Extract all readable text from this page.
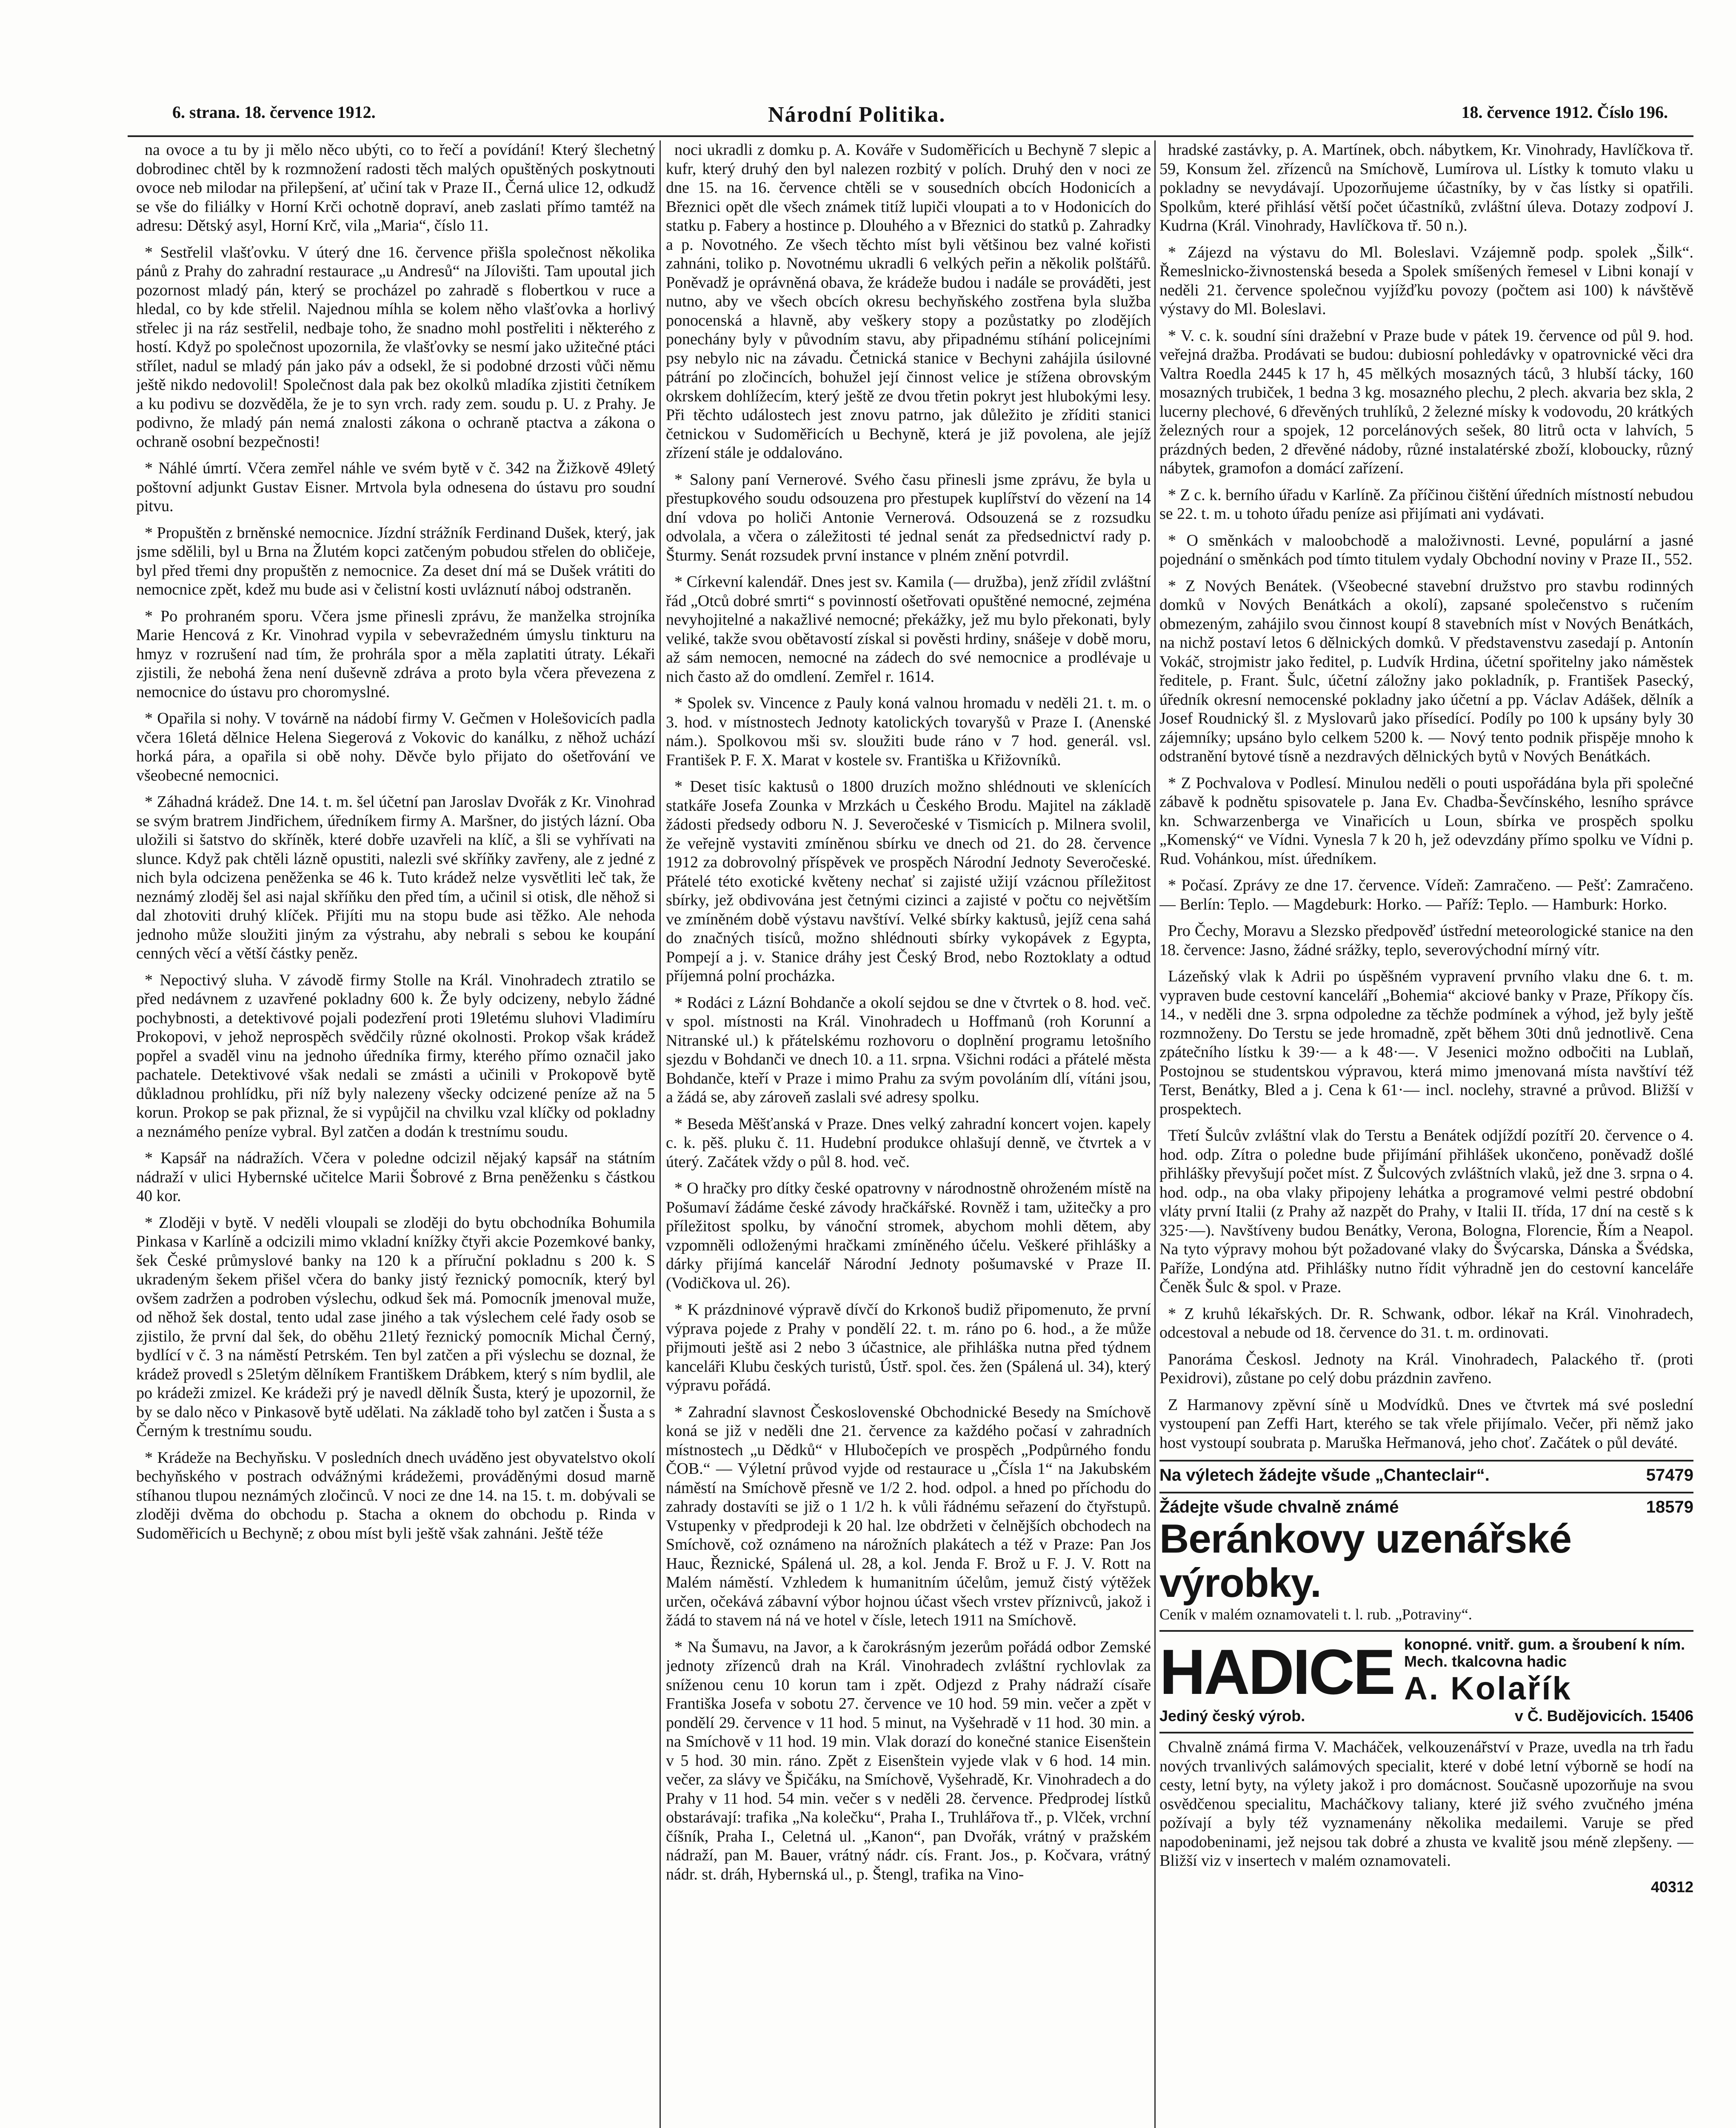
6. strana. 18. července 1912.	Národní Politika.	18. července 1912. Číslo 196.

na ovoce a tu by ji mělo něco ubýti, co to řečí a povídání! Který šlechetný dobrodinec chtěl by k rozmnožení radosti těch malých opuštěných poskytnouti ovoce neb milodar na přilepšení, ať učiní tak v Praze II., Černá ulice 12, odkudž se vše do filiálky v Horní Krči ochotně dopraví, aneb zaslati přímo tamtéž na adresu: Dětský asyl, Horní Krč, vila „Maria“, číslo 11.

* Sestřelil vlašťovku. V úterý dne 16. července přišla společnost několika pánů z Prahy do zahradní restaurace „u Andresů“ na Jílovišti. Tam upoutal jich pozornost mladý pán, který se procházel po zahradě s flobertkou v ruce a hledal, co by kde střelil. Najednou míhla se kolem něho vlašťovka a horlivý střelec ji na ráz sestřelil, nedbaje toho, že snadno mohl postřeliti i některého z hostí. Když po společnost upozornila, že vlašťovky se nesmí jako užitečné ptáci střílet, nadul se mladý pán jako páv a odsekl, že si podobné drzosti vůči němu ještě nikdo nedovolil! Společnost dala pak bez okolků mladíka zjistiti četníkem a ku podivu se dozvěděla, že je to syn vrch. rady zem. soudu p. U. z Prahy. Je podivno, že mladý pán nemá znalosti zákona o ochraně ptactva a zákona o ochraně osobní bezpečnosti!

* Náhlé úmrtí. Včera zemřel náhle ve svém bytě v č. 342 na Žižkově 49letý poštovní adjunkt Gustav Eisner. Mrtvola byla odnesena do ústavu pro soudní pitvu.

* Propuštěn z brněnské nemocnice. Jízdní strážník Ferdinand Dušek, který, jak jsme sdělili, byl u Brna na Žlutém kopci zatčeným pobudou střelen do obličeje, byl před třemi dny propuštěn z nemocnice. Za deset dní má se Dušek vrátiti do nemocnice zpět, kdež mu bude asi v čelistní kosti uvláznutí náboj odstraněn.

* Po prohraném sporu. Včera jsme přinesli zprávu, že manželka strojníka Marie Hencová z Kr. Vinohrad vypila v sebevražedném úmyslu tinkturu na hmyz v rozrušení nad tím, že prohrála spor a měla zaplatiti útraty. Lékaři zjistili, že nebohá žena není duševně zdráva a proto byla včera převezena z nemocnice do ústavu pro choromyslné.

* Opařila si nohy. V továrně na nádobí firmy V. Gečmen v Holešovicích padla včera 16letá dělnice Helena Siegerová z Vokovic do kanálku, z něhož uchází horká pára, a opařila si obě nohy. Děvče bylo přijato do ošetřování ve všeobecné nemocnici.

* Záhadná krádež. Dne 14. t. m. šel účetní pan Jaroslav Dvořák z Kr. Vinohrad se svým bratrem Jindřichem, úředníkem firmy A. Maršner, do jistých lázní. Oba uložili si šatstvo do skříněk, které dobře uzavřeli na klíč, a šli se vyhřívati na slunce. Když pak chtěli lázně opustiti, nalezli své skříňky zavřeny, ale z jedné z nich byla odcizena peněženka se 46 k. Tuto krádež nelze vysvětliti leč tak, že neznámý zloděj šel asi najal skříňku den před tím, a učinil si otisk, dle něhož si dal zhotoviti druhý klíček. Přijíti mu na stopu bude asi těžko. Ale nehoda jednoho může sloužiti jiným za výstrahu, aby nebrali s sebou ke koupání cenných věcí a větší částky peněz.

* Nepoctivý sluha. V závodě firmy Stolle na Král. Vinohradech ztratilo se před nedávnem z uzavřené pokladny 600 k. Že byly odcizeny, nebylo žádné pochybnosti, a detektivové pojali podezření proti 19letému sluhovi Vladimíru Prokopovi, v jehož neprospěch svědčily různé okolnosti. Prokop však krádež popřel a svaděl vinu na jednoho úředníka firmy, kterého přímo označil jako pachatele. Detektivové však nedali se zmásti a učinili v Prokopově bytě důkladnou prohlídku, při níž byly nalezeny všecky odcizené peníze až na 5 korun. Prokop se pak přiznal, že si vypůjčil na chvilku vzal klíčky od pokladny a neznámého peníze vybral. Byl zatčen a dodán k trestnímu soudu.

* Kapsář na nádražích. Včera v poledne odcizil nějaký kapsář na státním nádraží v ulici Hybernské učitelce Marii Šobrové z Brna peněženku s částkou 40 kor.

* Zloději v bytě. V neděli vloupali se zloději do bytu obchodníka Bohumila Pinkasa v Karlíně a odcizili mimo vkladní knížky čtyři akcie Pozemkové banky, šek České průmyslové banky na 120 k a příruční pokladnu s 200 k. S ukradeným šekem přišel včera do banky jistý řeznický pomocník, který byl ovšem zadržen a podroben výslechu, odkud šek má. Pomocník jmenoval muže, od něhož šek dostal, tento udal zase jiného a tak výslechem celé řady osob se zjistilo, že první dal šek, do oběhu 21letý řeznický pomocník Michal Černý, bydlící v č. 3 na náměstí Petrském. Ten byl zatčen a při výslechu se doznal, že krádež provedl s 25letým dělníkem Františkem Drábkem, který s ním bydlil, ale po krádeži zmizel. Ke krádeži prý je navedl dělník Šusta, který je upozornil, že by se dalo něco v Pinkasově bytě udělati. Na základě toho byl zatčen i Šusta a s Černým k trestnímu soudu.

* Krádeže na Bechyňsku. V posledních dnech uváděno jest obyvatelstvo okolí bechyňského v postrach odvážnými krádežemi, prováděnými dosud marně stíhanou tlupou neznámých zločinců. V noci ze dne 14. na 15. t. m. dobývali se zloději dvěma do obchodu p. Stacha a oknem do obchodu p. Rinda v Sudoměřicích u Bechyně; z obou míst byli ještě však zahnáni. Ještě téže

noci ukradli z domku p. A. Kováře v Sudoměřicích u Bechyně 7 slepic a kufr, který druhý den byl nalezen rozbitý v polích. Druhý den v noci ze dne 15. na 16. července chtěli se v sousedních obcích Hodonicích a Březnici opět dle všech známek titíž lupiči vloupati a to v Hodonicích do statku p. Fabery a hostince p. Dlouhého a v Březnici do statků p. Zahradky a p. Novotného. Ze všech těchto míst byli většinou bez valné kořisti zahnáni, toliko p. Novotnému ukradli 6 velkých peřin a několik polštářů. Poněvadž je oprávněná obava, že krádeže budou i nadále se prováděti, jest nutno, aby ve všech obcích okresu bechyňského zostřena byla služba ponocenská a hlavně, aby veškery stopy a pozůstatky po zlodějích ponechány byly v původním stavu, aby připadnému stíhání policejními psy nebylo nic na závadu. Četnická stanice v Bechyni zahájila úsilovné pátrání po zločincích, bohužel její činnost velice je stížena obrovským okrskem dohlížecím, který ještě ze dvou třetin pokryt jest hlubokými lesy. Při těchto událostech jest znovu patrno, jak důležito je zříditi stanici četnickou v Sudoměřicích u Bechyně, která je již povolena, ale jejíž zřízení stále je oddalováno.

* Salony paní Vernerové. Svého času přinesli jsme zprávu, že byla u přestupkového soudu odsouzena pro přestupek kuplířství do vězení na 14 dní vdova po holiči Antonie Vernerová. Odsouzená se z rozsudku odvolala, a včera o záležitosti té jednal senát za předsednictví rady p. Šturmy. Senát rozsudek první instance v plném znění potvrdil.

* Církevní kalendář. Dnes jest sv. Kamila (— družba), jenž zřídil zvláštní řád „Otců dobré smrti“ s povinností ošetřovati opuštěné nemocné, zejména nevyhojitelné a nakažlivé nemocné; překážky, jež mu bylo překonati, byly veliké, takže svou obětavostí získal si pověsti hrdiny, snášeje v době moru, až sám nemocen, nemocné na zádech do své nemocnice a prodlévaje u nich často až do omdlení. Zemřel r. 1614.

* Spolek sv. Vincence z Pauly koná valnou hromadu v neděli 21. t. m. o 3. hod. v místnostech Jednoty katolických tovaryšů v Praze I. (Anenské nám.). Spolkovou mši sv. sloužiti bude ráno v 7 hod. generál. vsl. František P. F. X. Marat v kostele sv. Františka u Křižovníků.

* Deset tisíc kaktusů o 1800 druzích možno shlédnouti ve sklenících statkáře Josefa Zounka v Mrzkách u Českého Brodu. Majitel na základě žádosti předsedy odboru N. J. Severočeské v Tismicích p. Milnera svolil, že veřejně vystaviti zmíněnou sbírku ve dnech od 21. do 28. července 1912 za dobrovolný příspěvek ve prospěch Národní Jednoty Severočeské. Přátelé této exotické květeny nechať si zajisté užijí vzácnou příležitost sbírky, jež obdivována jest četnými cizinci a zajisté v počtu co největším ve zmíněném době výstavu navštíví. Velké sbírky kaktusů, jejíž cena sahá do značných tisíců, možno shlédnouti sbírky vykopávek z Egypta, Pompejí a j. v. Stanice dráhy jest Český Brod, nebo Roztoklaty a odtud příjemná polní procházka.

* Rodáci z Lázní Bohdanče a okolí sejdou se dne v čtvrtek o 8. hod. več. v spol. místnosti na Král. Vinohradech u Hoffmanů (roh Korunní a Nitranské ul.) k přátelskému rozhovoru o doplnění programu letošního sjezdu v Bohdanči ve dnech 10. a 11. srpna. Všichni rodáci a přátelé města Bohdanče, kteří v Praze i mimo Prahu za svým povoláním dlí, vítáni jsou, a žádá se, aby zároveň zaslali své adresy spolku.

* Beseda Měšťanská v Praze. Dnes velký zahradní koncert vojen. kapely c. k. pěš. pluku č. 11. Hudební produkce ohlašují denně, ve čtvrtek a v úterý. Začátek vždy o půl 8. hod. več.

* O hračky pro dítky české opatrovny v národnostně ohroženém místě na Pošumaví žádáme české závody hračkářské. Rovněž i tam, užitečky a pro příležitost spolku, by vánoční stromek, abychom mohli dětem, aby vzpomněli odloženými hračkami zmíněného účelu. Veškeré přihlášky a dárky přijímá kancelář Národní Jednoty pošumavské v Praze II. (Vodičkova ul. 26).

* K prázdninové výpravě dívčí do Krkonoš budiž připomenuto, že první výprava pojede z Prahy v pondělí 22. t. m. ráno po 6. hod., a že může přijmouti ještě asi 2 nebo 3 účastnice, ale přihláška nutna před týdnem kanceláři Klubu českých turistů, Ústř. spol. čes. žen (Spálená ul. 34), který výpravu pořádá.

* Zahradní slavnost Československé Obchodnické Besedy na Smíchově koná se již v neděli dne 21. července za každého počasí v zahradních místnostech „u Dědků“ v Hlubočepích ve prospěch „Podpůrného fondu ČOB.“ — Výletní průvod vyjde od restaurace u „Čísla 1“ na Jakubském náměstí na Smíchově přesně ve 1/2 2. hod. odpol. a hned po příchodu do zahrady dostavíti se již o 1 1/2 h. k vůli řádnému seřazení do čtyřstupů. Vstupenky v předprodeji k 20 hal. lze obdržeti v čelnějších obchodech na Smíchově, což oznámeno na nárožních plakátech a též v Praze: Pan Jos Hauc, Řeznické, Spálená ul. 28, a kol. Jenda F. Brož u F. J. V. Rott na Malém náměstí. Vzhledem k humanitním účelům, jemuž čistý výtěžek určen, očekává zábavní výbor hojnou účast všech vrstev příznivců, jakož i žádá to stavem ná ná ve hotel v čísle, letech 1911 na Smíchově.

* Na Šumavu, na Javor, a k čarokrásným jezerům pořádá odbor Zemské jednoty zřízenců drah na Král. Vinohradech zvláštní rychlovlak za sníženou cenu 10 korun tam i zpět. Odjezd z Prahy nádraží císaře Františka Josefa v sobotu 27. července ve 10 hod. 59 min. večer a zpět v pondělí 29. července v 11 hod. 5 minut, na Vyšehradě v 11 hod. 30 min. a na Smíchově v 11 hod. 19 min. Vlak dorazí do konečné stanice Eisenštein v 5 hod. 30 min. ráno. Zpět z Eisenštein vyjede vlak v 6 hod. 14 min. večer, za slávy ve Špičáku, na Smíchově, Vyšehradě, Kr. Vinohradech a do Prahy v 11 hod. 54 min. večer s v neděli 28. července. Předprodej lístků obstarávají: trafika „Na kolečku“, Praha I., Truhlářova tř., p. Vlček, vrchní číšník, Praha I., Celetná ul. „Kanon“, pan Dvořák, vrátný v pražském nádraží, pan M. Bauer, vrátný nádr. cís. Frant. Jos., p. Kočvara, vrátný nádr. st. dráh, Hybernská ul., p. Štengl, trafika na Vino-

hradské zastávky, p. A. Martínek, obch. nábytkem, Kr. Vinohrady, Havlíčkova tř. 59, Konsum žel. zřízenců na Smíchově, Lumírova ul. Lístky k tomuto vlaku u pokladny se nevydávají. Upozorňujeme účastníky, by v čas lístky si opatřili. Spolkům, které přihlásí větší počet účastníků, zvláštní úleva. Dotazy zodpoví J. Kudrna (Král. Vinohrady, Havlíčkova tř. 50 n.).

* Zájezd na výstavu do Ml. Boleslavi. Vzájemně podp. spolek „Šilk“. Řemeslnicko-živnostenská beseda a Spolek smíšených řemesel v Libni konají v neděli 21. července společnou vyjížďku povozy (počtem asi 100) k návštěvě výstavy do Ml. Boleslavi.

* V. c. k. soudní síni dražební v Praze bude v pátek 19. července od půl 9. hod. veřejná dražba. Prodávati se budou: dubiosní pohledávky v opatrovnické věci dra Valtra Roedla 2445 k 17 h, 45 mělkých mosazných táců, 3 hlubší tácky, 160 mosazných trubiček, 1 bedna 3 kg. mosazného plechu, 2 plech. akvaria bez skla, 2 lucerny plechové, 6 dřevěných truhlíků, 2 železné mísky k vodovodu, 20 krátkých železných rour a spojek, 12 porcelánových sešek, 80 litrů octa v lahvích, 5 prázdných beden, 2 dřevěné nádoby, různé instalatérské zboží, kloboucky, různý nábytek, gramofon a domácí zařízení.

* Z c. k. berního úřadu v Karlíně. Za příčinou čištění úředních místností nebudou se 22. t. m. u tohoto úřadu peníze asi přijímati ani vydávati.

* O směnkách v maloobchodě a maloživnosti. Levné, populární a jasné pojednání o směnkách pod tímto titulem vydaly Obchodní noviny v Praze II., 552.

* Z Nových Benátek. (Všeobecné stavební družstvo pro stavbu rodinných domků v Nových Benátkách a okolí), zapsané společenstvo s ručením obmezeným, zahájilo svou činnost koupí 8 stavebních míst v Nových Benátkách, na nichž postaví letos 6 dělnických domků. V představenstvu zasedají p. Antonín Vokáč, strojmistr jako ředitel, p. Ludvík Hrdina, účetní spořitelny jako náměstek ředitele, p. Frant. Šulc, účetní záložny jako pokladník, p. František Pasecký, úředník okresní nemocenské pokladny jako účetní a pp. Václav Adášek, dělník a Josef Roudnický šl. z Myslovarů jako přísedící. Podíly po 100 k upsány byly 30 zájemníky; upsáno bylo celkem 5200 k. — Nový tento podnik přispěje mnoho k odstranění bytové tísně a nezdravých dělnických bytů v Nových Benátkách.

* Z Pochvalova v Podlesí. Minulou neděli o pouti uspořádána byla při společné zábavě k podnětu spisovatele p. Jana Ev. Chadba-Ševčínského, lesního správce kn. Schwarzenberga ve Vinařicích u Loun, sbírka ve prospěch spolku „Komenský“ ve Vídni. Vynesla 7 k 20 h, jež odevzdány přímo spolku ve Vídni p. Rud. Vohánkou, míst. úředníkem.

* Počasí. Zprávy ze dne 17. července. Vídeň: Zamračeno. — Pešť: Zamračeno. — Berlín: Teplo. — Magdeburk: Horko. — Paříž: Teplo. — Hamburk: Horko.

Pro Čechy, Moravu a Slezsko předpověď ústřední meteorologické stanice na den 18. července: Jasno, žádné srážky, teplo, severovýchodní mírný vítr.

Lázeňský vlak k Adrii po úspěšném vypravení prvního vlaku dne 6. t. m. vypraven bude cestovní kanceláří „Bohemia“ akciové banky v Praze, Příkopy čís. 14., v neděli dne 3. srpna odpoledne za těchže podmínek a výhod, jež byly ještě rozmnoženy. Do Terstu se jede hromadně, zpět během 30ti dnů jednotlivě. Cena zpátečního lístku k 39·— a k 48·—. V Jesenici možno odbočiti na Lublaň, Postojnou se studentskou výpravou, která mimo jmenovaná místa navštíví též Terst, Benátky, Bled a j. Cena k 61·— incl. noclehy, stravné a průvod. Bližší v prospektech.

Třetí Šulcův zvláštní vlak do Terstu a Benátek odjíždí pozítří 20. července o 4. hod. odp. Zítra o poledne bude přijímání přihlášek ukončeno, poněvadž došlé přihlášky převyšují počet míst. Z Šulcových zvláštních vlaků, jež dne 3. srpna o 4. hod. odp., na oba vlaky připojeny lehátka a programové velmi pestré obdobní vláty první Italii (z Prahy až nazpět do Prahy, v Italii II. třída, 17 dní na cestě s k 325·—). Navštíveny budou Benátky, Verona, Bologna, Florencie, Řím a Neapol. Na tyto výpravy mohou být požadované vlaky do Švýcarska, Dánska a Švédska, Paříže, Londýna atd. Přihlášky nutno řídit výhradně jen do cestovní kanceláře Čeněk Šulc & spol. v Praze.

* Z kruhů lékařských. Dr. R. Schwank, odbor. lékař na Král. Vinohradech, odcestoval a nebude od 18. července do 31. t. m. ordinovati.

Panoráma Českosl. Jednoty na Král. Vinohradech, Palackého tř. (proti Pexidrovi), zůstane po celý dobu prázdnin zavřeno.

Z Harmanovy zpěvní síně u Modvídků. Dnes ve čtvrtek má své poslední vystoupení pan Zeffi Hart, kterého se tak vřele přijímalo. Večer, při němž jako host vystoupí soubrata p. Maruška Heřmanová, jeho choť. Začátek o půl deváté.

Na výletech žádejte všude „Chanteclair“.	57479
Žádejte všude chvalně známé	18579
Beránkovy uzenářské výrobky.
Ceník v malém oznamovateli t. l. rub. „Potraviny“.
HADICE konopné. vnitř. gum. a šroubení k ním. Mech. tkalcovna hadic
A. Kolařík
Jediný český výrob.	v Č. Budějovicích. 15406

Chvalně známá firma V. Macháček, velkouzenářství v Praze, uvedla na trh řadu nových trvanlivých salámových specialit, které v dobé letní výborně se hodí na cesty, letní byty, na výlety jakož i pro domácnost. Současně upozorňuje na svou osvědčenou specialitu, Macháčkovy taliany, které již svého zvučného jména požívají a byly též vyznamenány několika medailemi. Varuje se před napodobeninami, jež nejsou tak dobré a zhusta ve kvalitě jsou méně zlepšeny. — Bližší viz v insertech v malém oznamovateli.

40312
